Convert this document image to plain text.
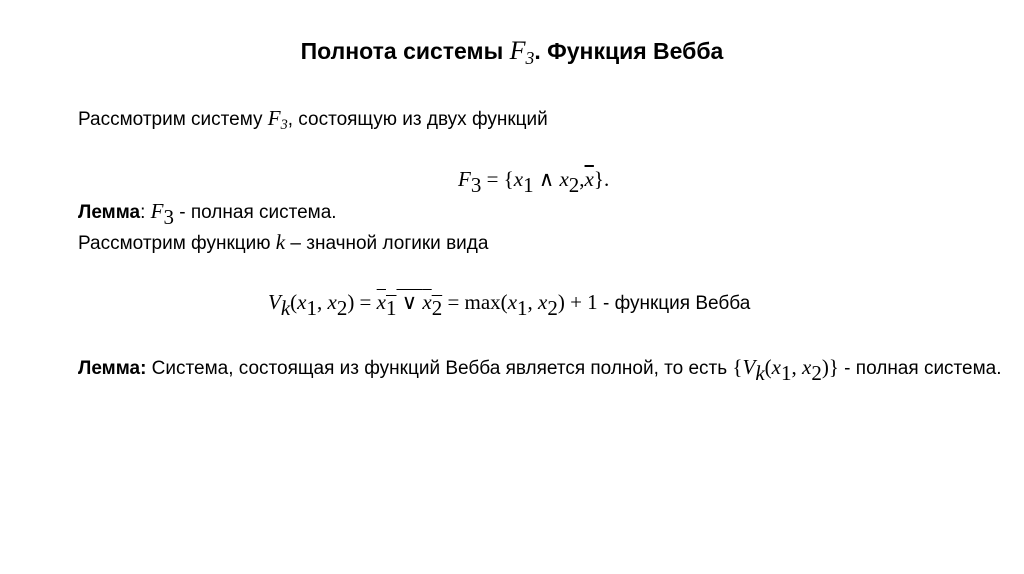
Полнота системы $F_3$. Функция Вебба
Рассмотрим систему $F_3$, состоящую из двух функций
$F_3 = \{x_1$ ∧ $x_2,\overline{x}$}.
Лемма: $F_3$ - полная система.
Рассмотрим функцию k – значной логики вида
$V_k(x_1$, $x_2) = x_1$ ∨ $x_2 = \max(x_1$, $x_2) + 1$ - функция Вебба
Лемма: Система, состоящая из функций Вебба является полной, то есть {$V_k(x_1$, $x_2$)} - полная система.
